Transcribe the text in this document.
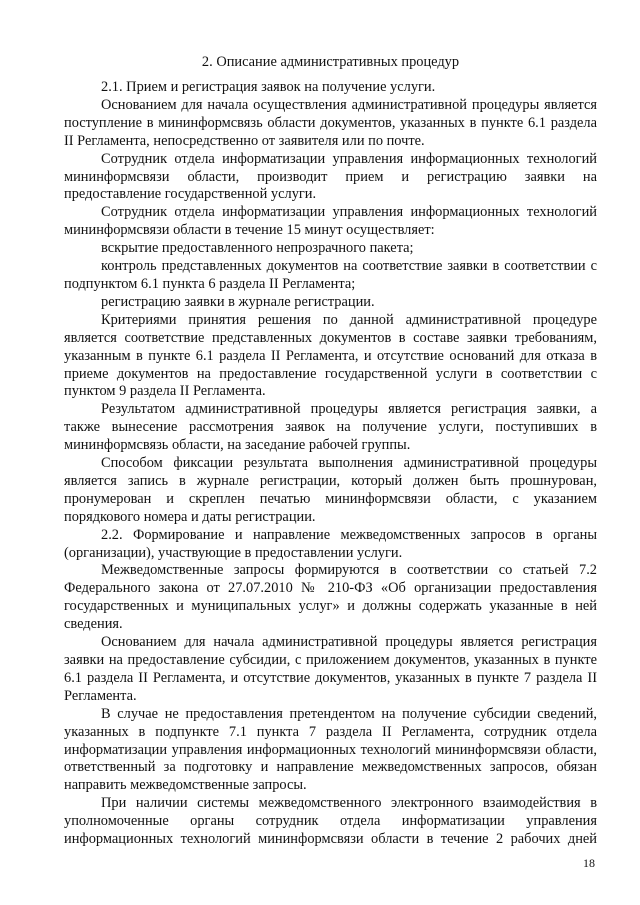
2. Описание административных процедур

2.1. Прием и регистрация заявок на получение услуги.

Основанием для начала осуществления административной процедуры является поступление в мининформсвязь области документов, указанных в пункте 6.1 раздела II Регламента, непосредственно от заявителя или по почте.

Сотрудник отдела информатизации управления информационных технологий мининформсвязи области, производит прием и регистрацию заявки на предоставление государственной услуги.

Сотрудник отдела информатизации управления информационных технологий мининформсвязи области в течение 15 минут осуществляет:

вскрытие предоставленного непрозрачного пакета;

контроль представленных документов на соответствие заявки в соответствии с подпунктом 6.1 пункта 6 раздела II Регламента;

регистрацию заявки в журнале регистрации.

Критериями принятия решения по данной административной процедуре является соответствие представленных документов в составе заявки требованиям, указанным в пункте 6.1 раздела II Регламента, и отсутствие оснований для отказа в приеме документов на предоставление государственной услуги в соответствии с пунктом 9 раздела II Регламента.

Результатом административной процедуры является регистрация заявки, а также вынесение рассмотрения заявок на получение услуги, поступивших в мининформсвязь области, на заседание рабочей группы.

Способом фиксации результата выполнения административной процедуры является запись в журнале регистрации, который должен быть прошнурован, пронумерован и скреплен печатью мининформсвязи области, с указанием порядкового номера и даты регистрации.

2.2. Формирование и направление межведомственных запросов в органы (организации), участвующие в предоставлении услуги.

Межведомственные запросы формируются в соответствии со статьей 7.2 Федерального закона от 27.07.2010 № 210-ФЗ «Об организации предоставления государственных и муниципальных услуг» и должны содержать указанные в ней сведения.

Основанием для начала административной процедуры является регистрация заявки на предоставление субсидии, с приложением документов, указанных в пункте 6.1 раздела II Регламента, и отсутствие документов, указанных в пункте 7 раздела II Регламента.

В случае не предоставления претендентом на получение субсидии сведений, указанных в подпункте 7.1 пункта 7 раздела II Регламента, сотрудник отдела информатизации управления информационных технологий мининформсвязи области, ответственный за подготовку и направление межведомственных запросов, обязан направить межведомственные запросы.

При наличии системы межведомственного электронного взаимодействия в уполномоченные органы сотрудник отдела информатизации управления информационных технологий мининформсвязи области в течение 2 рабочих дней

18
